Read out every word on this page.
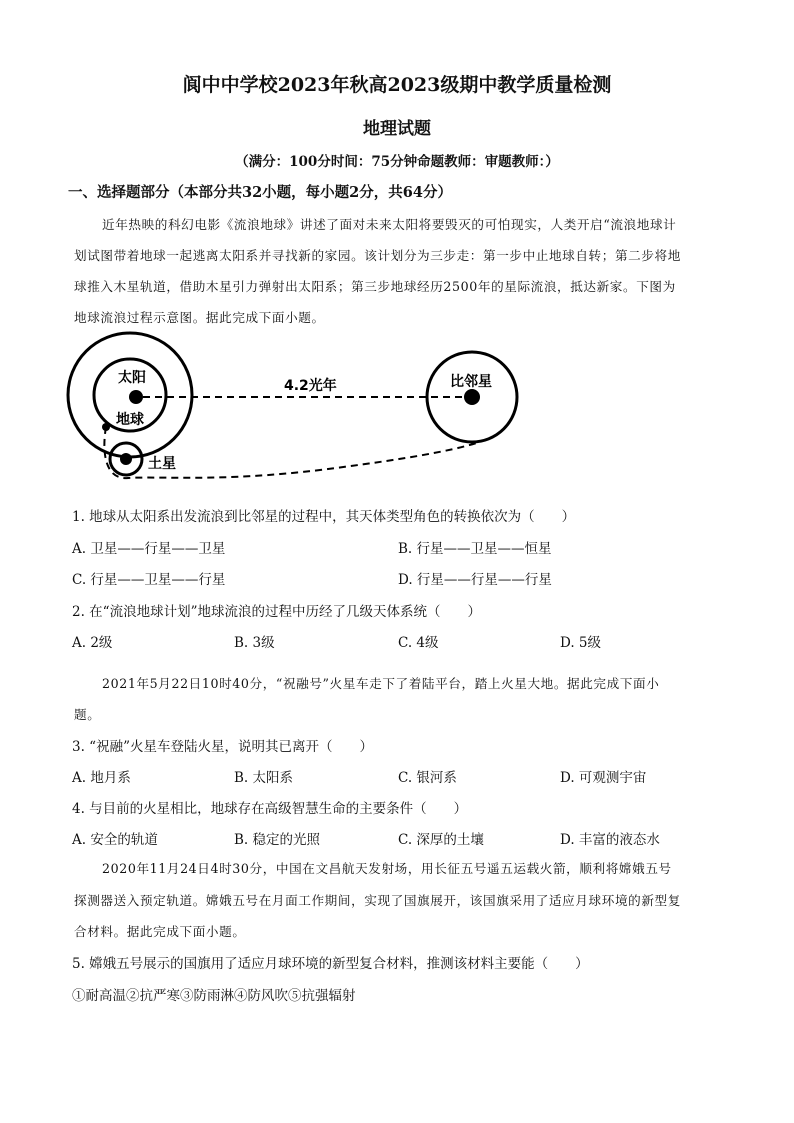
阆中中学校2023年秋高2023级期中教学质量检测
地理试题
（满分：100分时间：75分钟命题教师：审题教师：）
一、选择题部分（本部分共32小题，每小题2分，共64分）
近年热映的科幻电影《流浪地球》讲述了面对未来太阳将要毁灭的可怕现实，人类开启“流浪地球计
划试图带着地球一起逃离太阳系并寻找新的家园。该计划分为三步走：第一步中止地球自转；第二步将地
球推入木星轨道，借助木星引力弹射出太阳系；第三步地球经历2500年的星际流浪，抵达新家。下图为
地球流浪过程示意图。据此完成下面小题。
太阳
地球
土星
比邻星
4.2光年
1. 地球从太阳系出发流浪到比邻星的过程中，其天体类型角色的转换依次为（　　）
A. 卫星——行星——卫星	B. 行星——卫星——恒星
C. 行星——卫星——行星	D. 行星——行星——行星
2. 在“流浪地球计划”地球流浪的过程中历经了几级天体系统（　　）
A. 2级	B. 3级	C. 4级	D. 5级
2021年5月22日10时40分，“祝融号”火星车走下了着陆平台，踏上火星大地。据此完成下面小
题。
3. “祝融”火星车登陆火星，说明其已离开（　　）
A. 地月系	B. 太阳系	C. 银河系	D. 可观测宇宙
4. 与目前的火星相比，地球存在高级智慧生命的主要条件（　　）
A. 安全的轨道	B. 稳定的光照	C. 深厚的土壤	D. 丰富的液态水
2020年11月24日4时30分，中国在文昌航天发射场，用长征五号遥五运载火箭，顺利将嫦娥五号
探测器送入预定轨道。嫦娥五号在月面工作期间，实现了国旗展开，该国旗采用了适应月球环境的新型复
合材料。据此完成下面小题。
5. 嫦娥五号展示的国旗用了适应月球环境的新型复合材料，推测该材料主要能（　　）
①耐高温②抗严寒③防雨淋④防风吹⑤抗强辐射
